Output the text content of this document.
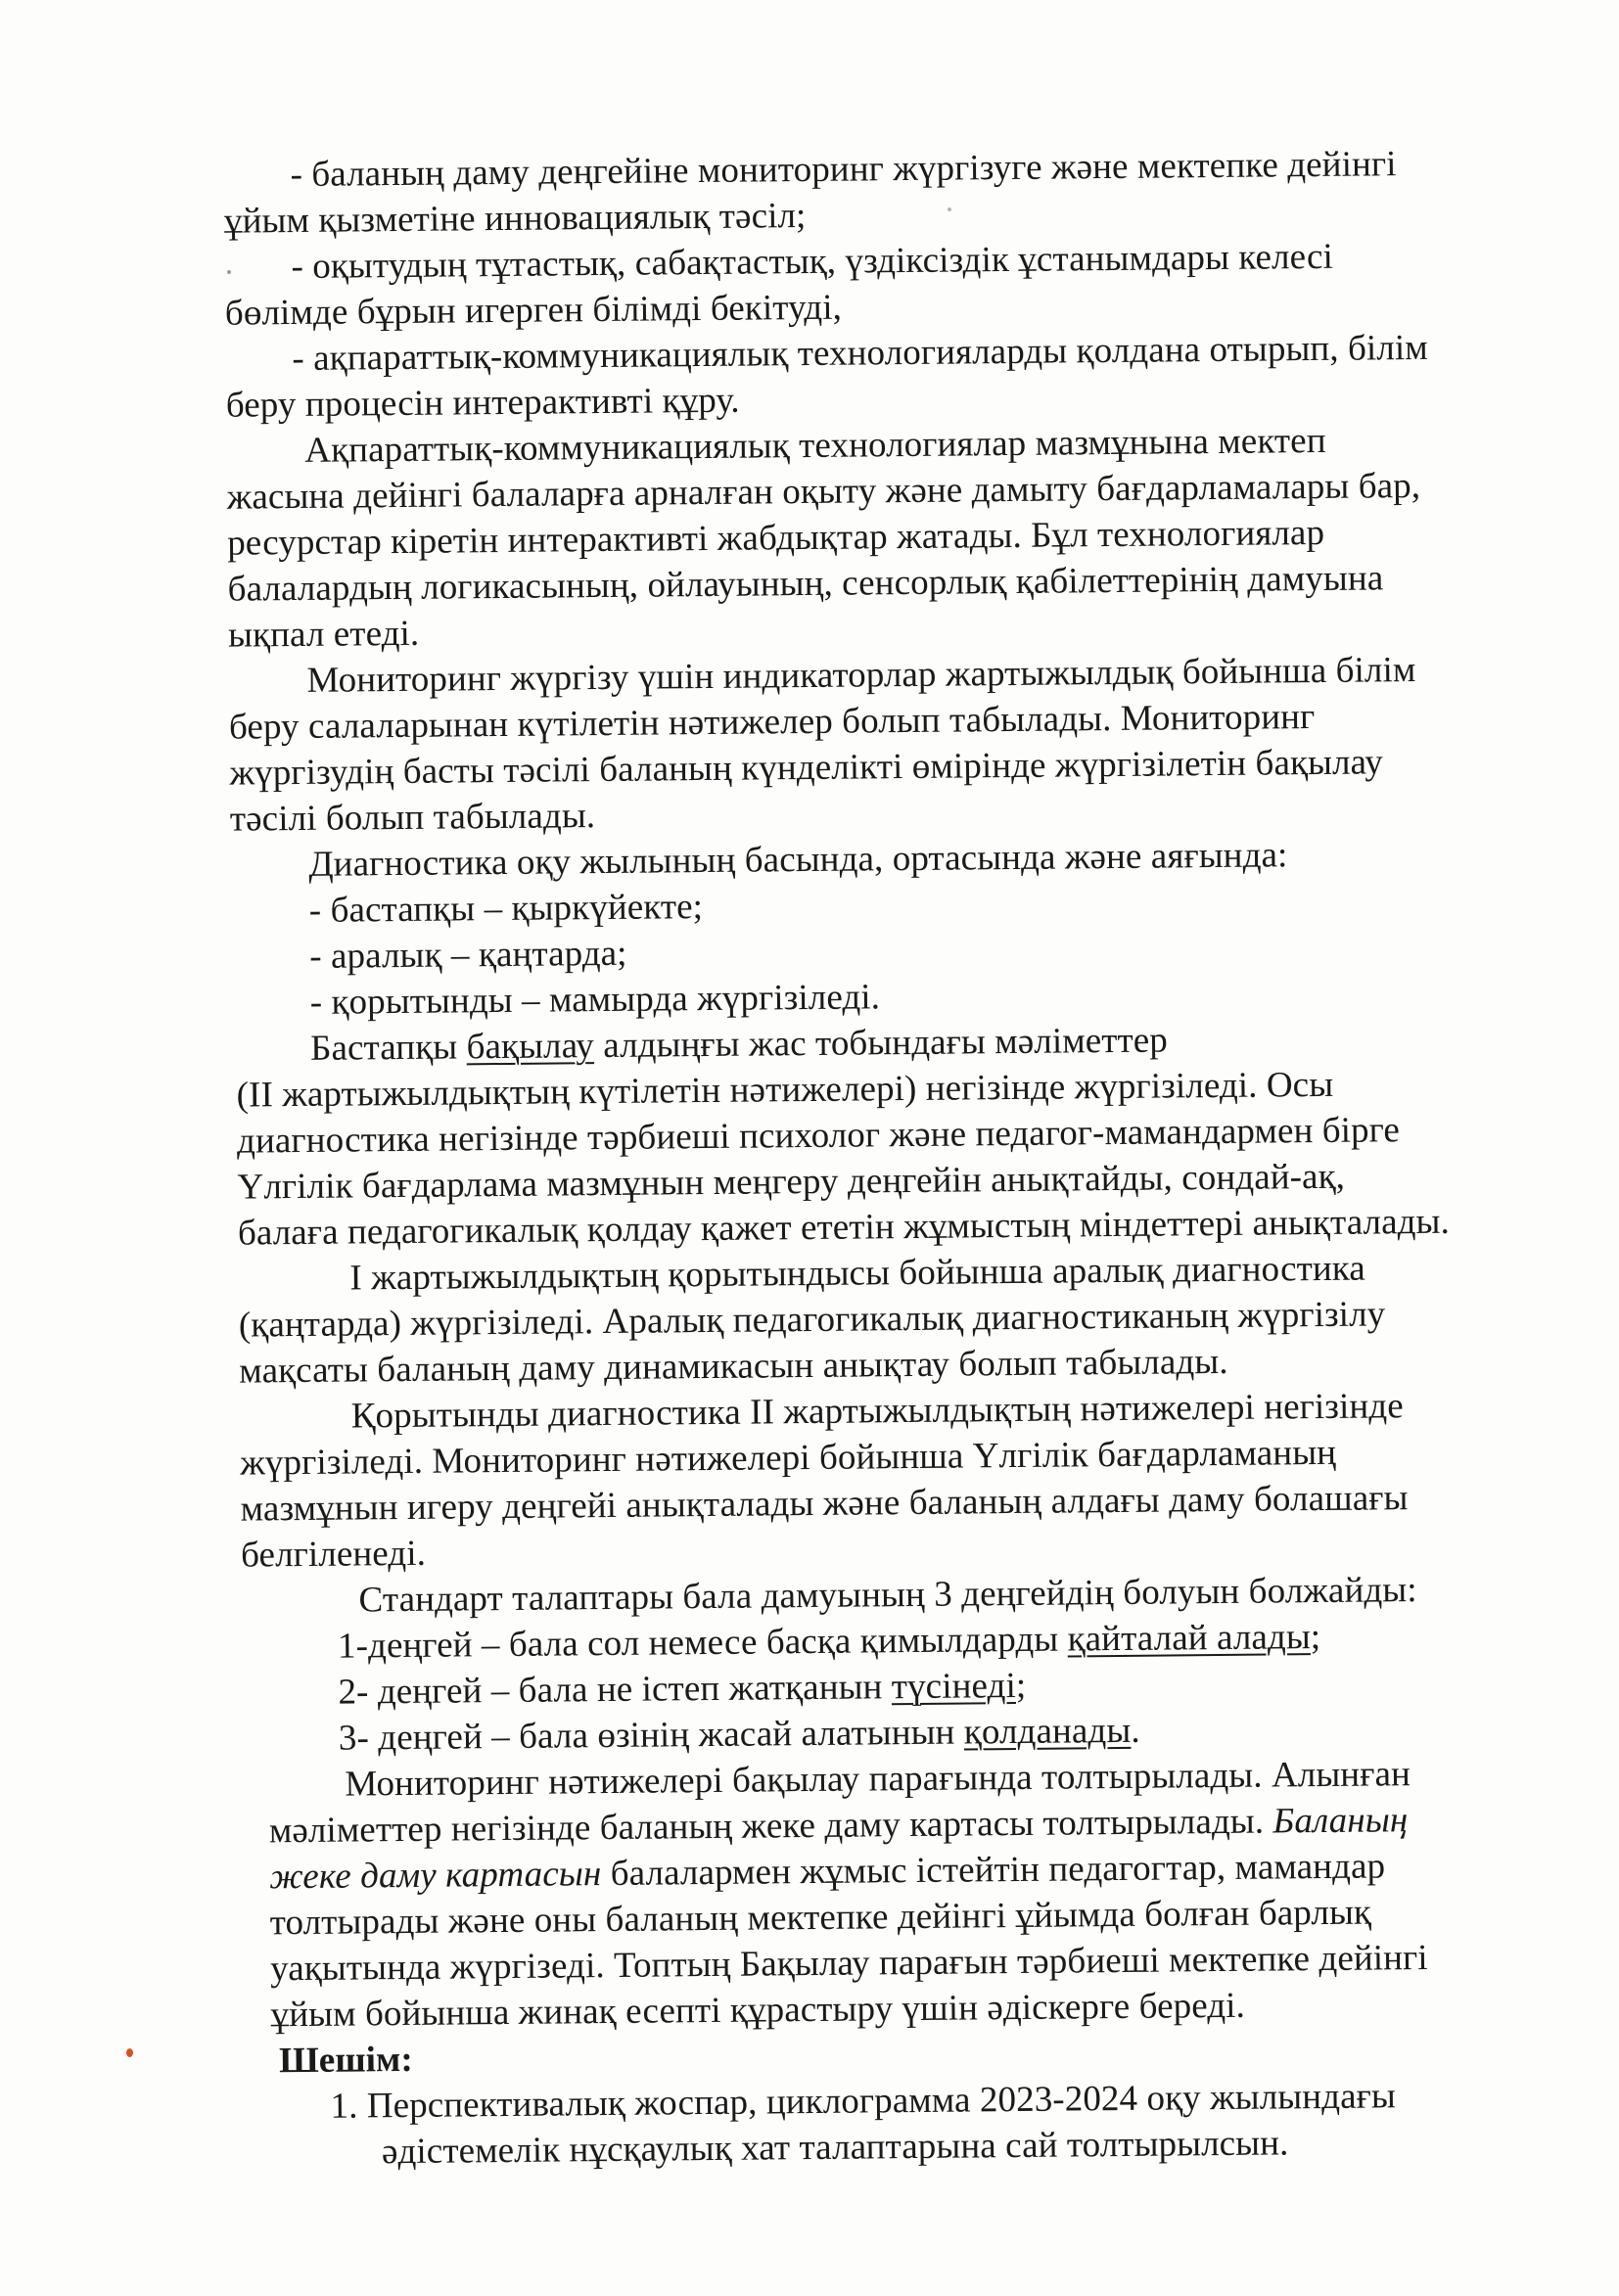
- баланың даму деңгейіне мониторинг жүргізуге және мектепке дейінгі
ұйым қызметіне инновациялық тәсіл;
- оқытудың тұтастық, сабақтастық, үздіксіздік ұстанымдары келесі
бөлімде бұрын игерген білімді бекітуді,
- ақпараттық-коммуникациялық технологияларды қолдана отырып, білім
беру процесін интерактивті құру.
Ақпараттық-коммуникациялық технологиялар мазмұнына мектеп
жасына дейінгі балаларға арналған оқыту және дамыту бағдарламалары бар,
ресурстар кіретін интерактивті жабдықтар жатады. Бұл технологиялар
балалардың логикасының, ойлауының, сенсорлық қабілеттерінің дамуына
ықпал етеді.
Мониторинг жүргізу үшін индикаторлар жартыжылдық бойынша білім
беру салаларынан күтілетін нәтижелер болып табылады. Мониторинг
жүргізудің басты тәсілі баланың күнделікті өмірінде жүргізілетін бақылау
тәсілі болып табылады.
Диагностика оқу жылының басында, ортасында және аяғында:
- бастапқы – қыркүйекте;
- аралық – қаңтарда;
- қорытынды – мамырда жүргізіледі.
Бастапқы бақылау алдыңғы жас тобындағы мәліметтер
(ІІ жартыжылдықтың күтілетін нәтижелері) негізінде жүргізіледі. Осы
диагностика негізінде тәрбиеші психолог және педагог-мамандармен бірге
Үлгілік бағдарлама мазмұнын меңгеру деңгейін анықтайды, сондай-ақ,
балаға педагогикалық қолдау қажет ететін жұмыстың міндеттері анықталады.
І жартыжылдықтың қорытындысы бойынша аралық диагностика
(қаңтарда) жүргізіледі. Аралық педагогикалық диагностиканың жүргізілу
мақсаты баланың даму динамикасын анықтау болып табылады.
Қорытынды диагностика ІІ жартыжылдықтың нәтижелері негізінде
жүргізіледі. Мониторинг нәтижелері бойынша Үлгілік бағдарламаның
мазмұнын игеру деңгейі анықталады және баланың алдағы даму болашағы
белгіленеді.
Стандарт талаптары бала дамуының 3 деңгейдің болуын болжайды:
1-деңгей – бала сол немесе басқа қимылдарды қайталай алады;
2- деңгей – бала не істеп жатқанын түсінеді;
3- деңгей – бала өзінің жасай алатынын қолданады.
Мониторинг нәтижелері бақылау парағында толтырылады. Алынған
мәліметтер негізінде баланың жеке даму картасы толтырылады. Баланың
жеке даму картасын балалармен жұмыс істейтін педагогтар, мамандар
толтырады және оны баланың мектепке дейінгі ұйымда болған барлық
уақытында жүргізеді. Топтың Бақылау парағын тәрбиеші мектепке дейінгі
ұйым бойынша жинақ есепті құрастыру үшін әдіскерге береді.
Шешім:
1. Перспективалық жоспар, циклограмма 2023-2024 оқу жылындағы
әдістемелік нұсқаулық хат талаптарына сай толтырылсын.
